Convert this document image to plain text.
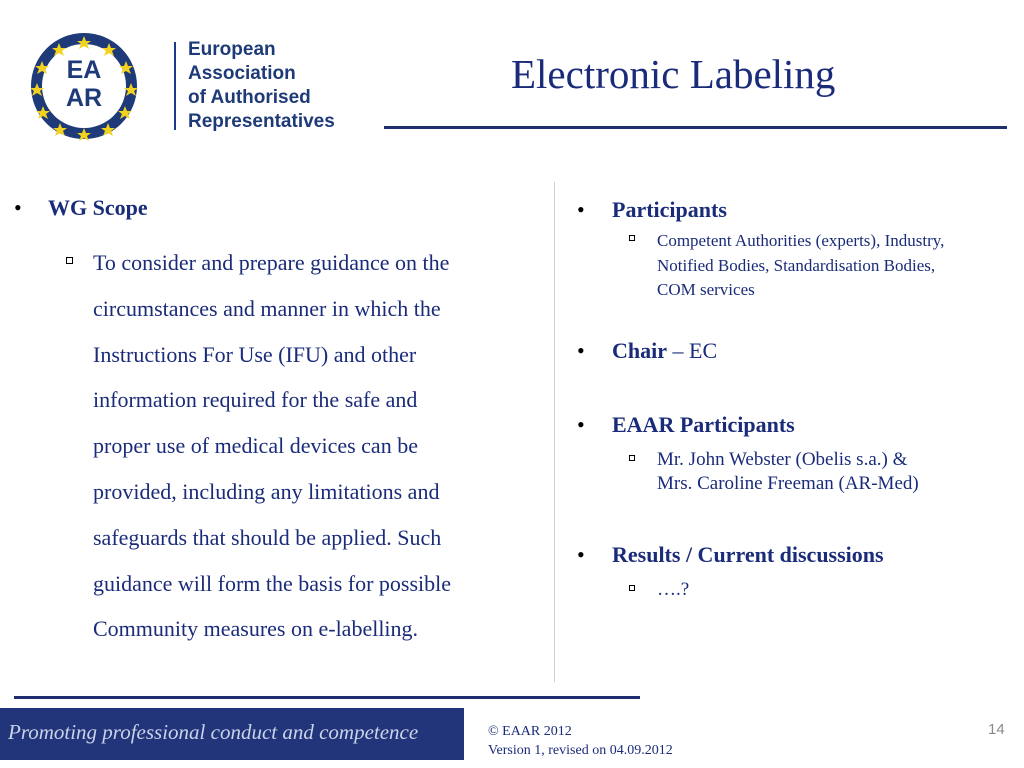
EA
AR
European
Association
of Authorised
Representatives
Electronic Labeling
• WG Scope
To consider and prepare guidance on the
circumstances and manner in which the
Instructions For Use (IFU) and other
information required for the safe and
proper use of medical devices can be
provided, including any limitations and
safeguards that should be applied. Such
guidance will form the basis for possible
Community measures on e-labelling.
• Participants
Competent Authorities (experts), Industry,
Notified Bodies, Standardisation Bodies,
COM services
• Chair – EC
• EAAR Participants
Mr. John Webster (Obelis s.a.) &
Mrs. Caroline Freeman (AR-Med)
• Results / Current discussions
….?
Promoting professional conduct and competence	© EAAR 2012
Version 1, revised on 04.09.2012
14
